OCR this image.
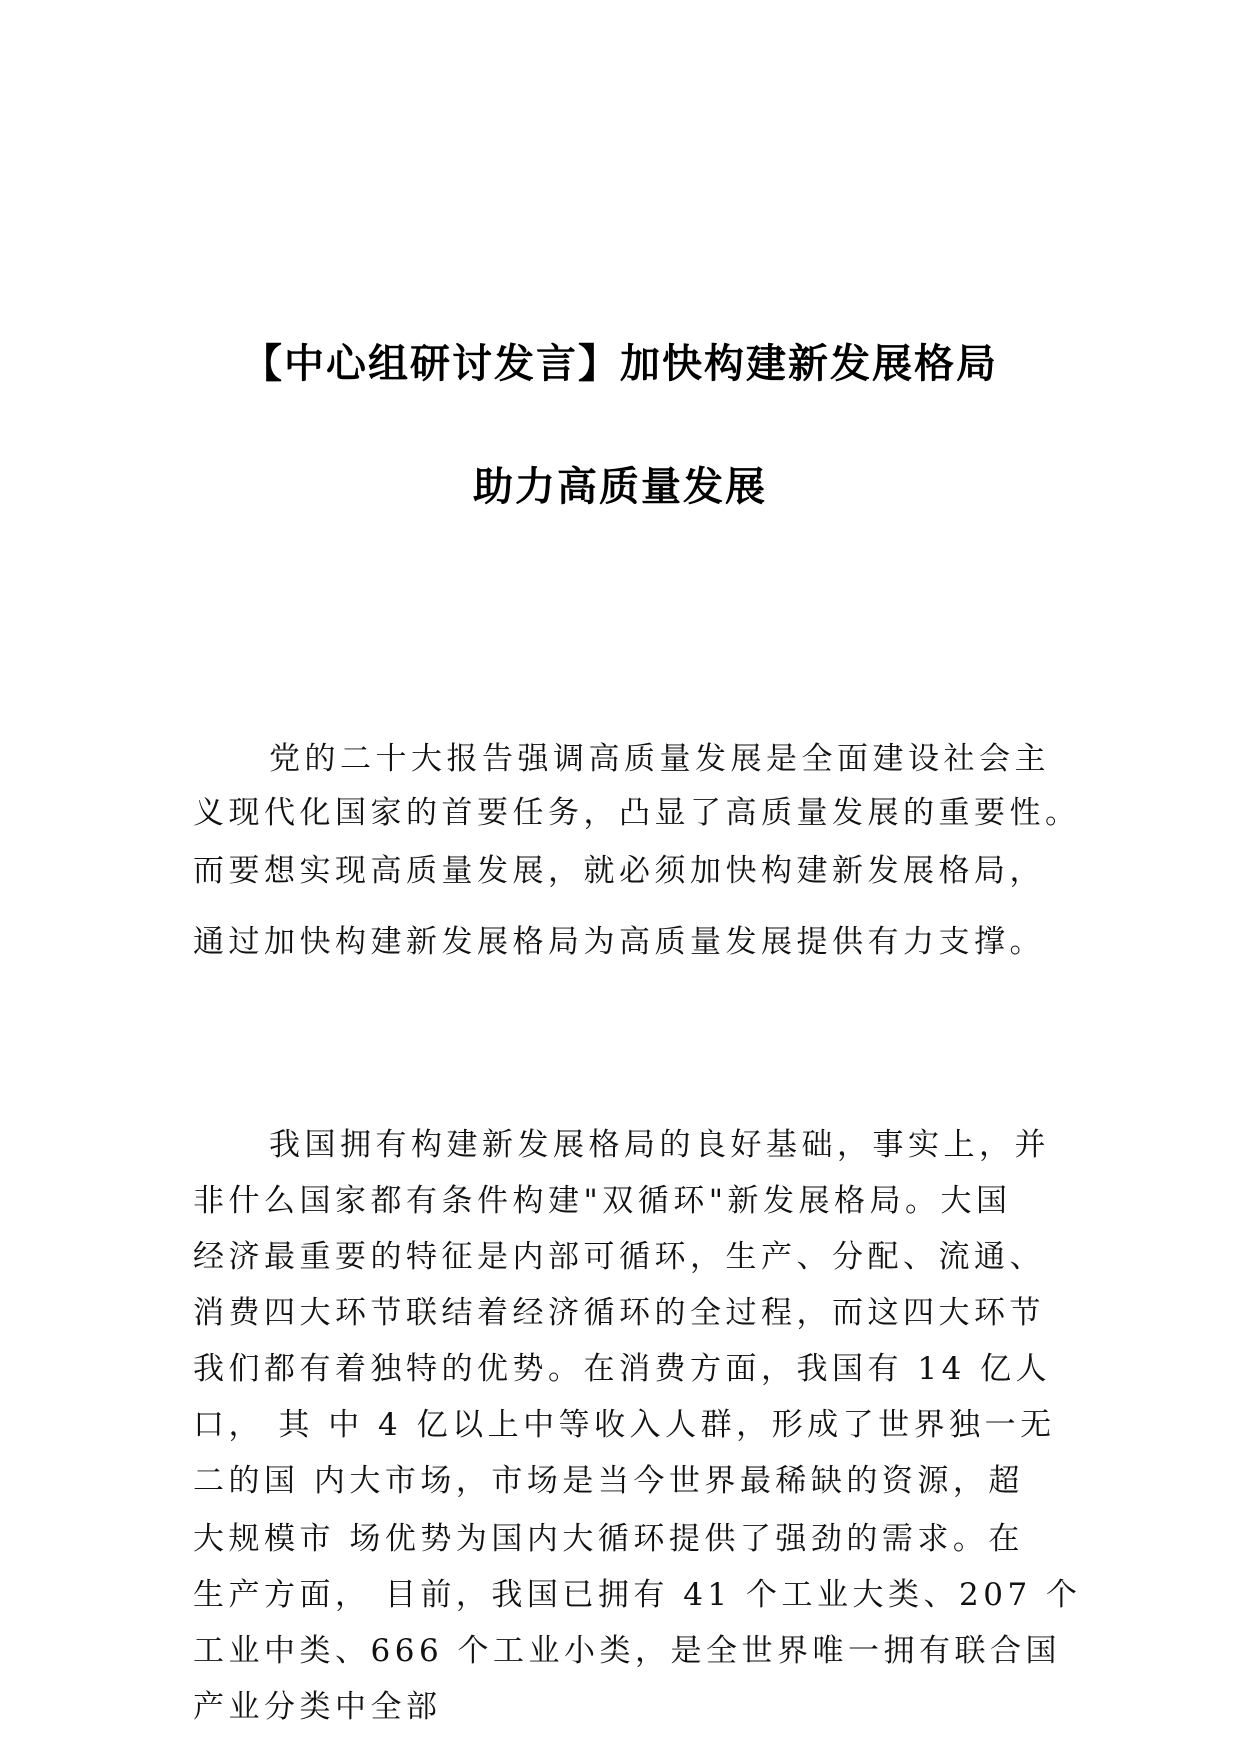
【中心组研讨发言】加快构建新发展格局
助力高质量发展
党的二十大报告强调高质量发展是全面建设社会主
义现代化国家的首要任务，凸显了高质量发展的重要性。
而要想实现高质量发展，就必须加快构建新发展格局，
通过加快构建新发展格局为高质量发展提供有力支撑。
我国拥有构建新发展格局的良好基础，事实上，并
非什么国家都有条件构建"双循环"新发展格局。大国
经济最重要的特征是内部可循环，生产、分配、流通、
消费四大环节联结着经济循环的全过程，而这四大环节
我们都有着独特的优势。在消费方面，我国有 14 亿人
口， 其 中 4 亿以上中等收入人群，形成了世界独一无
二的国 内大市场，市场是当今世界最稀缺的资源，超
大规模市 场优势为国内大循环提供了强劲的需求。在
生产方面， 目前，我国已拥有 41 个工业大类、207 个
工业中类、666 个工业小类，是全世界唯一拥有联合国
产业分类中全部
